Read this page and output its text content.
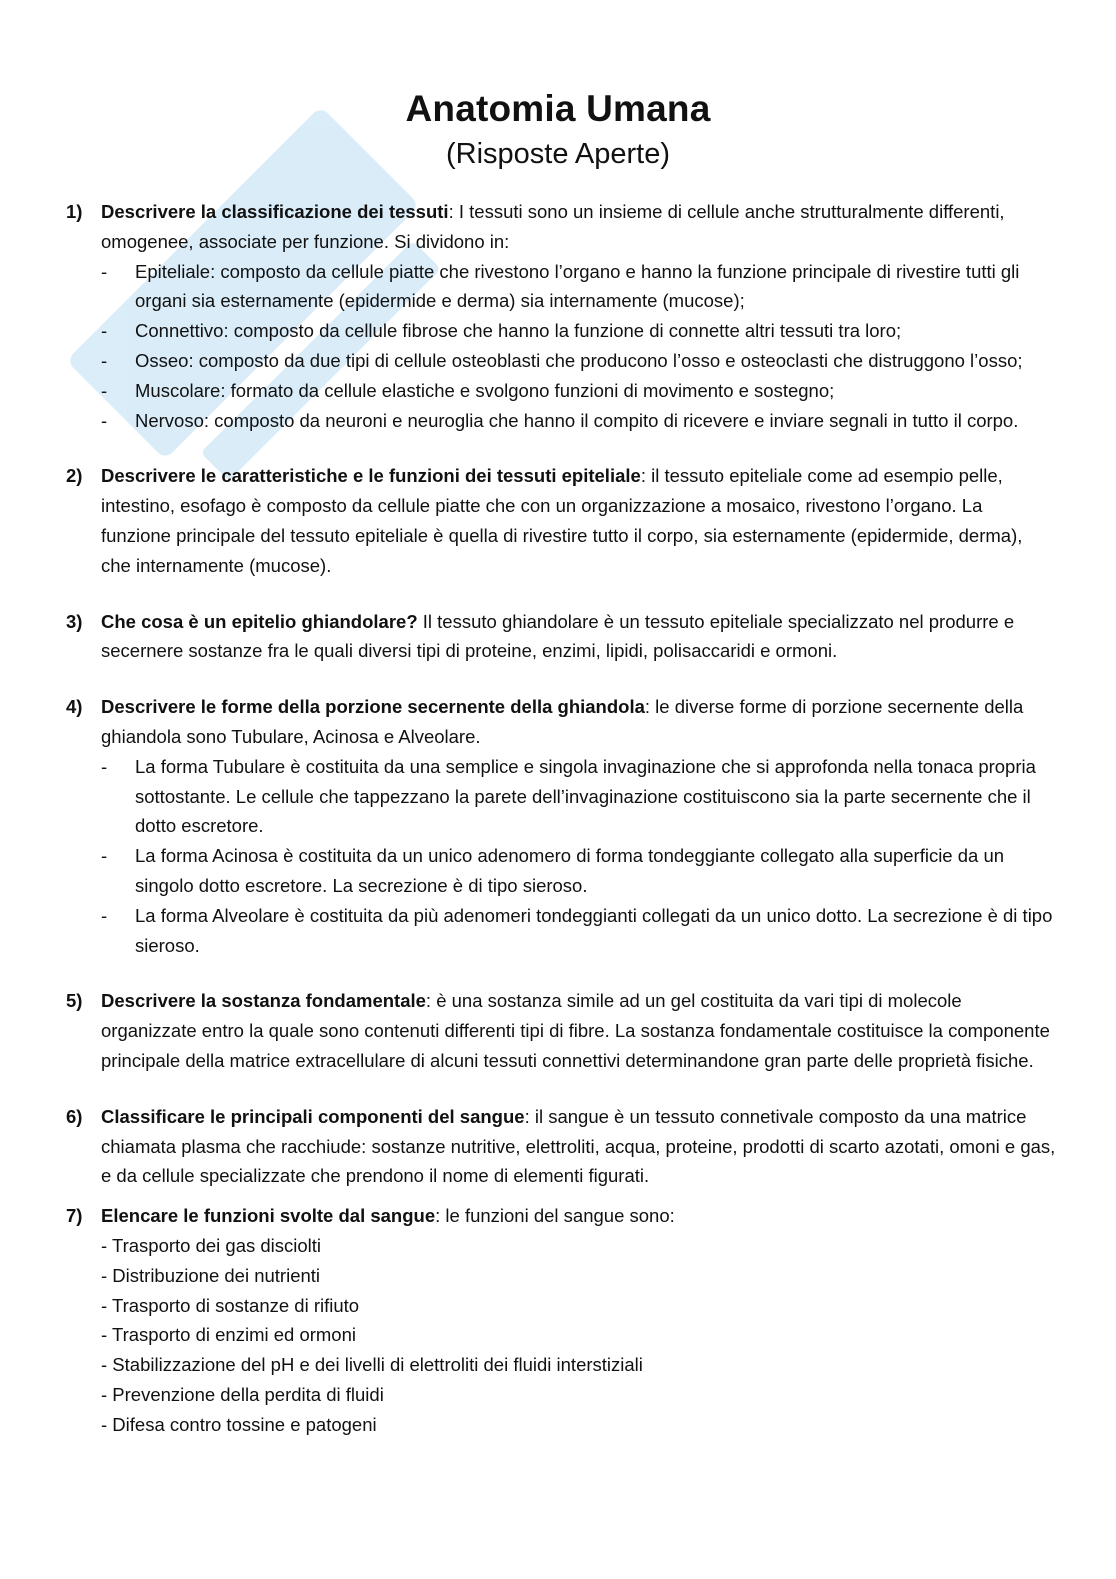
Anatomia Umana
(Risposte Aperte)
1)	Descrivere la classificazione dei tessuti: I tessuti sono un insieme di cellule anche strutturalmente differenti, omogenee, associate per funzione. Si dividono in:
-	Epiteliale: composto da cellule piatte che rivestono l’organo e hanno la funzione principale di rivestire tutti gli organi sia esternamente (epidermide e derma) sia internamente (mucose);
-	Connettivo: composto da cellule fibrose che hanno la funzione di connette altri tessuti tra loro;
-	Osseo: composto da due tipi di cellule osteoblasti che producono l’osso e osteoclasti che distruggono l’osso;
-	Muscolare: formato da cellule elastiche e svolgono funzioni di movimento e sostegno;
-	Nervoso: composto da neuroni e neuroglia che hanno il compito di ricevere e inviare segnali in tutto il corpo.
2)	Descrivere le caratteristiche e le funzioni dei tessuti epiteliale: il tessuto epiteliale come ad esempio pelle, intestino, esofago è composto da cellule piatte che con un organizzazione a mosaico, rivestono l’organo. La funzione principale del tessuto epiteliale è quella di rivestire tutto il corpo, sia esternamente (epidermide, derma), che internamente (mucose).
3)	Che cosa è un epitelio ghiandolare? Il tessuto ghiandolare è un tessuto epiteliale specializzato nel produrre e secernere sostanze fra le quali diversi tipi di proteine, enzimi, lipidi, polisaccaridi e ormoni.
4)	Descrivere le forme della porzione secernente della ghiandola: le diverse forme di porzione secernente della ghiandola sono Tubulare, Acinosa e Alveolare.
-	La forma Tubulare è costituita da una semplice e singola invaginazione che si approfonda nella tonaca propria sottostante. Le cellule che tappezzano la parete dell’invaginazione costituiscono sia la parte secernente che il dotto escretore.
-	La forma Acinosa è costituita da un unico adenomero di forma tondeggiante collegato alla superficie da un singolo dotto escretore. La secrezione è di tipo sieroso.
-	La forma Alveolare è costituita da più adenomeri tondeggianti collegati da un unico dotto. La secrezione è di tipo sieroso.
5)	Descrivere la sostanza fondamentale: è una sostanza simile ad un gel costituita da vari tipi di molecole organizzate entro la quale sono contenuti differenti tipi di fibre. La sostanza fondamentale costituisce la componente principale della matrice extracellulare di alcuni tessuti connettivi determinandone gran parte delle proprietà fisiche.
6)	Classificare le principali componenti del sangue: il sangue è un tessuto connetivale composto da una matrice chiamata plasma che racchiude: sostanze nutritive, elettroliti, acqua, proteine, prodotti di scarto azotati, omoni e gas, e da cellule specializzate che prendono il nome di elementi figurati.
7)	Elencare le funzioni svolte dal sangue: le funzioni del sangue sono:
- Trasporto dei gas disciolti
- Distribuzione dei nutrienti
- Trasporto di sostanze di rifiuto
- Trasporto di enzimi ed ormoni
- Stabilizzazione del pH e dei livelli di elettroliti dei fluidi interstiziali
- Prevenzione della perdita di fluidi
- Difesa contro tossine e patogeni
